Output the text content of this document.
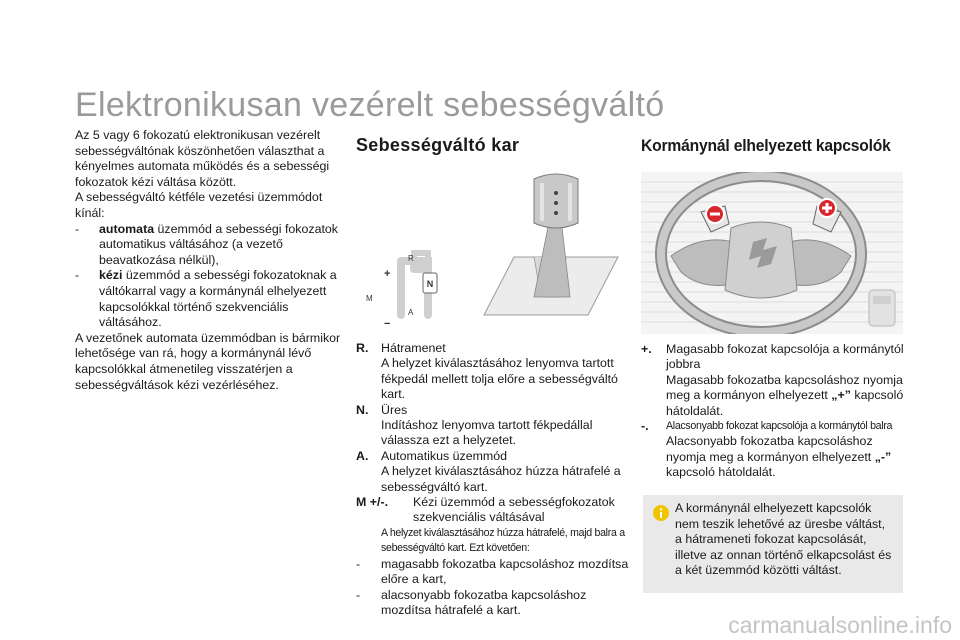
Elektronikusan vezérelt sebességváltó
Az 5 vagy 6 fokozatú elektronikusan vezérelt sebességváltónak köszönhetően választhat a kényelmes automata működés és a sebességi fokozatok kézi váltása között.
A sebességváltó kétféle vezetési üzemmódot kínál:
-	automata üzemmód a sebességi fokozatok automatikus váltásához (a vezető beavatkozása nélkül),
-	kézi üzemmód a sebességi fokozatoknak a váltókarral vagy a kormánynál elhelyezett kapcsolókkal történő szekvenciális váltásához.
A vezetőnek automata üzemmódban is bármikor lehetősége van rá, hogy a kormánynál lévő kapcsolókkal átmenetileg visszatérjen a sebességváltások kézi vezérléséhez.
Sebességváltó kar
N
R
A
M
+
−
R.	Hátramenet
A helyzet kiválasztásához lenyomva tartott fékpedál mellett tolja előre a sebességváltó kart.
N.	Üres
Indításhoz lenyomva tartott fékpedállal válassza ezt a helyzetet.
A.	Automatikus üzemmód
A helyzet kiválasztásához húzza hátrafelé a sebességváltó kart.
M +/-.	Kézi üzemmód a sebességfokozatok szekvenciális váltásával
A helyzet kiválasztásához húzza hátrafelé, majd balra a sebességváltó kart. Ezt követően:
-	magasabb fokozatba kapcsoláshoz mozdítsa előre a kart,
-	alacsonyabb fokozatba kapcsoláshoz mozdítsa hátrafelé a kart.
Kormánynál elhelyezett kapcsolók
+.	Magasabb fokozat kapcsolója a kormánytól jobbra
Magasabb fokozatba kapcsoláshoz nyomja meg a kormányon elhelyezett „+” kapcsoló hátoldalát.
-.	Alacsonyabb fokozat kapcsolója a kormánytól balra
Alacsonyabb fokozatba kapcsoláshoz nyomja meg a kormányon elhelyezett „-” kapcsoló hátoldalát.
A kormánynál elhelyezett kapcsolók nem teszik lehetővé az üresbe váltást, a hátrameneti fokozat kapcsolását, illetve az onnan történő elkapcsolást és a két üzemmód közötti váltást.
carmanualsonline.info
